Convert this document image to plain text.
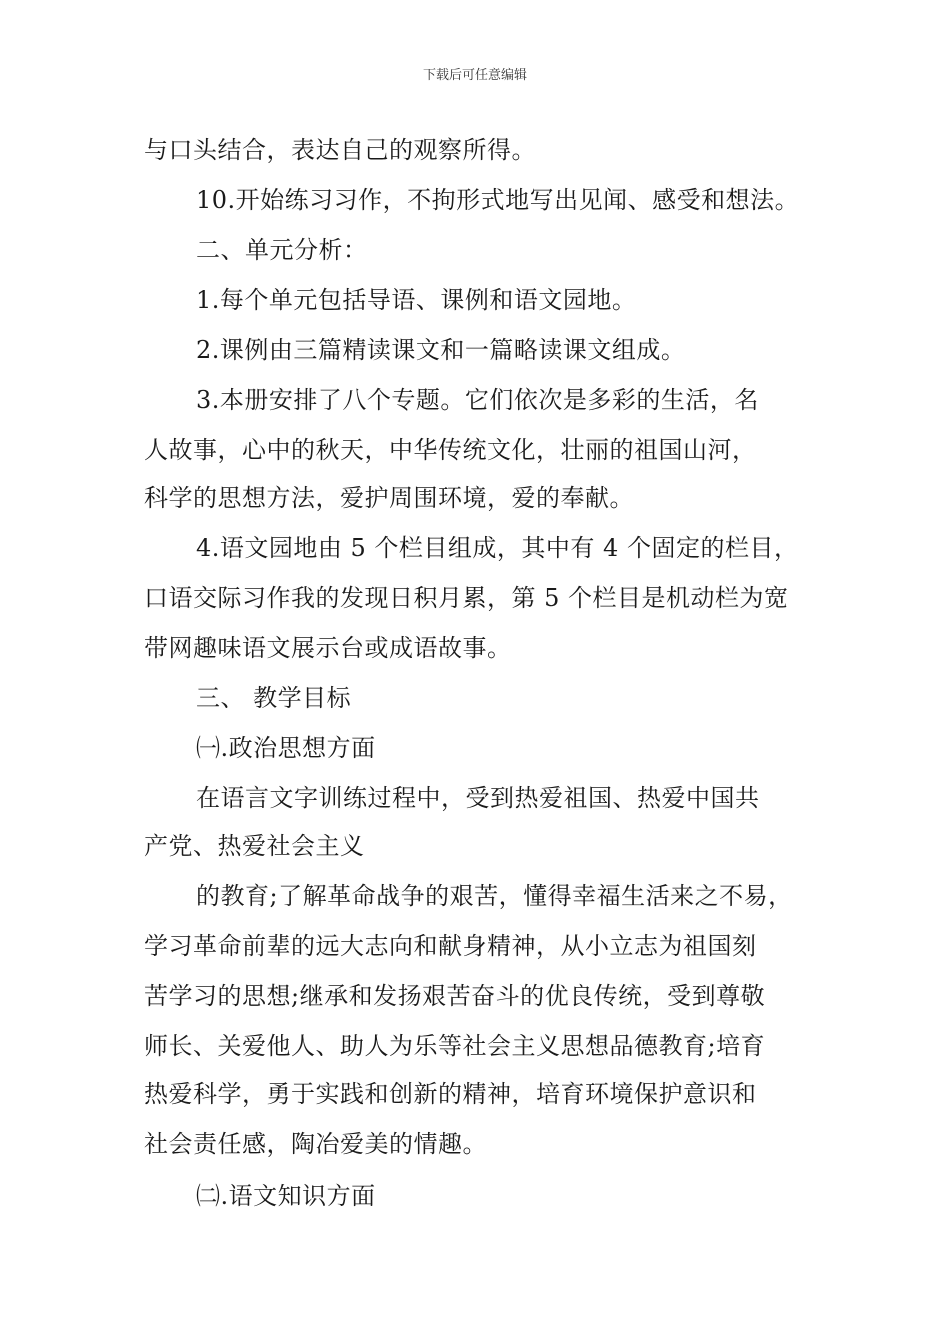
下载后可任意编辑
与口头结合，表达自己的观察所得。
10.开始练习习作，不拘形式地写出见闻、感受和想法。
二、单元分析：
1.每个单元包括导语、课例和语文园地。
2.课例由三篇精读课文和一篇略读课文组成。
3.本册安排了八个专题。它们依次是多彩的生活，名
人故事，心中的秋天，中华传统文化，壮丽的祖国山河，
科学的思想方法，爱护周围环境，爱的奉献。
4.语文园地由 5 个栏目组成，其中有 4 个固定的栏目，
口语交际习作我的发现日积月累，第 5 个栏目是机动栏为宽
带网趣味语文展示台或成语故事。
三、 教学目标
㈠.政治思想方面
在语言文字训练过程中，受到热爱祖国、热爱中国共
产党、热爱社会主义
的教育;了解革命战争的艰苦，懂得幸福生活来之不易，
学习革命前辈的远大志向和献身精神，从小立志为祖国刻
苦学习的思想;继承和发扬艰苦奋斗的优良传统，受到尊敬
师长、关爱他人、助人为乐等社会主义思想品德教育;培育
热爱科学，勇于实践和创新的精神，培育环境保护意识和
社会责任感，陶冶爱美的情趣。
㈡.语文知识方面
